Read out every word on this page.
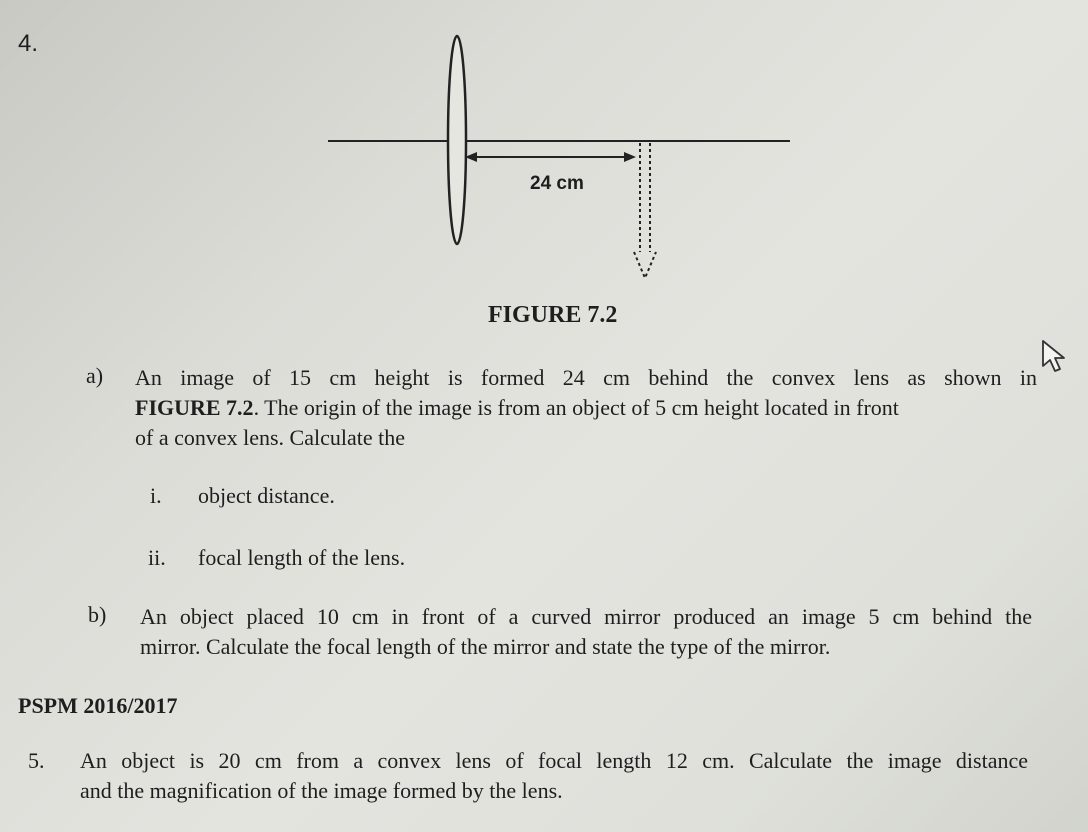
4.
24 cm
FIGURE 7.2
a) An image of 15 cm height is formed 24 cm behind the convex lens as shown in
FIGURE 7.2. The origin of the image is from an object of 5 cm height located in front
of a convex lens. Calculate the
i. object distance.
ii. focal length of the lens.
b) An object placed 10 cm in front of a curved mirror produced an image 5 cm behind the
mirror. Calculate the focal length of the mirror and state the type of the mirror.
PSPM 2016/2017
5. An object is 20 cm from a convex lens of focal length 12 cm. Calculate the image distance
and the magnification of the image formed by the lens.
